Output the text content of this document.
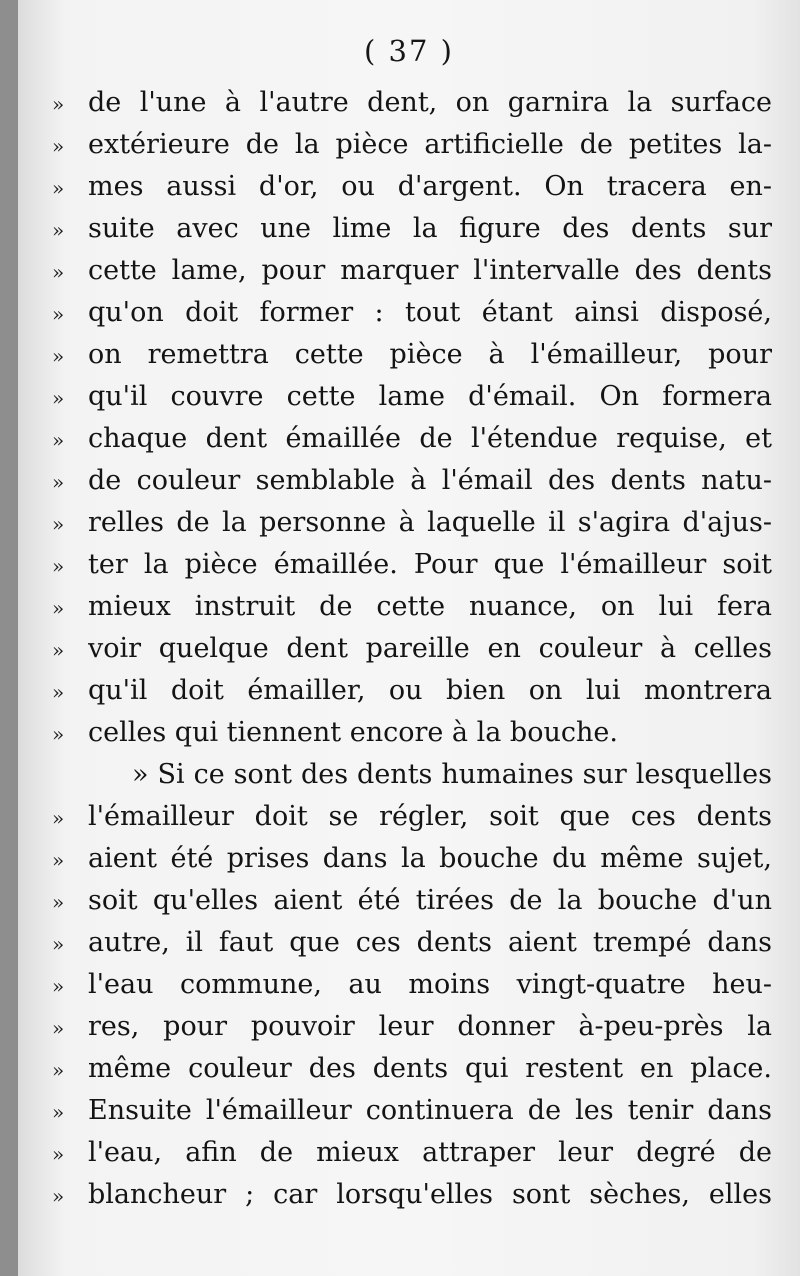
( 37 )
» de l'une à l'autre dent, on garnira la surface
» extérieure de la pièce artificielle de petites la-
» mes aussi d'or, ou d'argent. On tracera en-
» suite avec une lime la figure des dents sur
» cette lame, pour marquer l'intervalle des dents
» qu'on doit former : tout étant ainsi disposé,
» on remettra cette pièce à l'émailleur, pour
» qu'il couvre cette lame d'émail. On formera
» chaque dent émaillée de l'étendue requise, et
» de couleur semblable à l'émail des dents natu-
» relles de la personne à laquelle il s'agira d'ajus-
» ter la pièce émaillée. Pour que l'émailleur soit
» mieux instruit de cette nuance, on lui fera
» voir quelque dent pareille en couleur à celles
» qu'il doit émailler, ou bien on lui montrera
» celles qui tiennent encore à la bouche.
» Si ce sont des dents humaines sur lesquelles
» l'émailleur doit se régler, soit que ces dents
» aient été prises dans la bouche du même sujet,
» soit qu'elles aient été tirées de la bouche d'un
» autre, il faut que ces dents aient trempé dans
» l'eau commune, au moins vingt-quatre heu-
» res, pour pouvoir leur donner à-peu-près la
» même couleur des dents qui restent en place.
» Ensuite l'émailleur continuera de les tenir dans
» l'eau, afin de mieux attraper leur degré de
» blancheur ; car lorsqu'elles sont sèches, elles
